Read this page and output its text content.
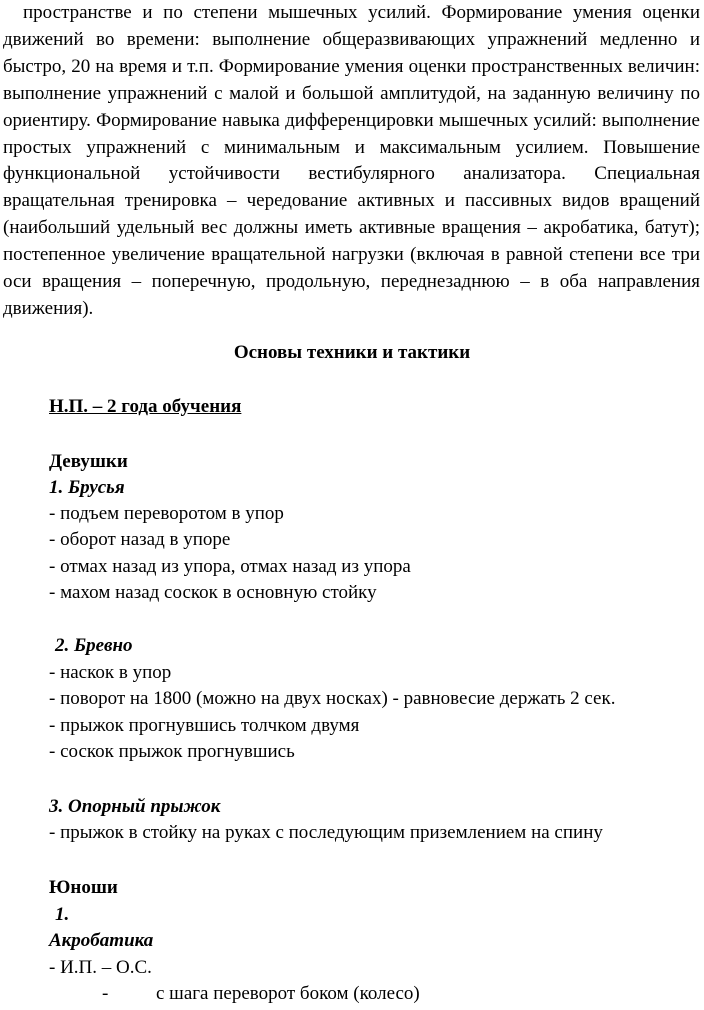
пространстве и по степени мышечных усилий. Формирование умения оценки движений во времени: выполнение общеразвивающих упражнений медленно и быстро, 20 на время и т.п. Формирование умения оценки пространственных величин: выполнение упражнений с малой и большой амплитудой, на заданную величину по ориентиру. Формирование навыка дифференцировки мышечных усилий: выполнение простых упражнений с минимальным и максимальным усилием. Повышение функциональной устойчивости вестибулярного анализатора. Специальная вращательная тренировка – чередование активных и пассивных видов вращений (наибольший удельный вес должны иметь активные вращения – акробатика, батут); постепенное увеличение вращательной нагрузки (включая в равной степени все три оси вращения – поперечную, продольную, переднезаднюю – в оба направления движения).

Основы техники и тактики
Н.П. – 2 года обучения
Девушки
1. Брусья
- подъем переворотом в упор
- оборот назад в упоре
- отмах назад из упора, отмах назад из упора
- махом назад соскок в основную стойку
2. Бревно
- наскок в упор
- поворот на 1800 (можно на двух носках) - равновесие держать 2 сек.
- прыжок прогнувшись толчком двумя
- соскок прыжок прогнувшись
3. Опорный прыжок
- прыжок в стойку на руках с последующим приземлением на спину
Юноши
1.
Акробатика
- И.П. – О.С.
-	с шага переворот боком (колесо)
